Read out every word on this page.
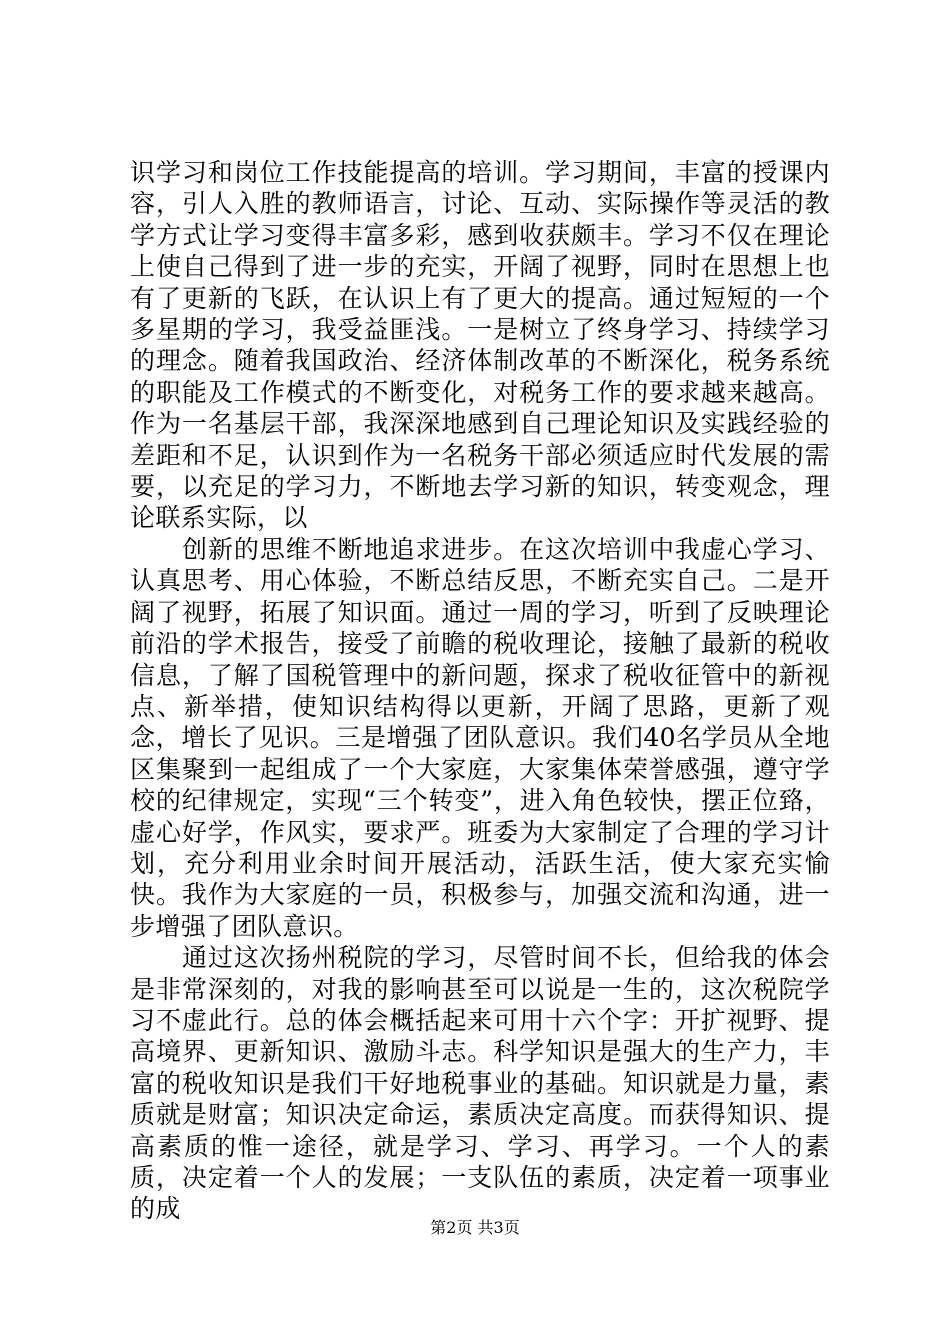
识学习和岗位工作技能提高的培训。学习期间，丰富的授课内容，引人入胜的教师语言，讨论、互动、实际操作等灵活的教学方式让学习变得丰富多彩，感到收获颇丰。学习不仅在理论上使自己得到了进一步的充实，开阔了视野，同时在思想上也有了更新的飞跃，在认识上有了更大的提高。通过短短的一个多星期的学习，我受益匪浅。一是树立了终身学习、持续学习的理念。随着我国政治、经济体制改革的不断深化，税务系统的职能及工作模式的不断变化，对税务工作的要求越来越高。作为一名基层干部，我深深地感到自己理论知识及实践经验的差距和不足，认识到作为一名税务干部必须适应时代发展的需要，以充足的学习力，不断地去学习新的知识，转变观念，理论联系实际，以

创新的思维不断地追求进步。在这次培训中我虚心学习、认真思考、用心体验，不断总结反思，不断充实自己。二是开阔了视野，拓展了知识面。通过一周的学习，听到了反映理论前沿的学术报告，接受了前瞻的税收理论，接触了最新的税收信息，了解了国税管理中的新问题，探求了税收征管中的新视点、新举措，使知识结构得以更新，开阔了思路，更新了观念，增长了见识。三是增强了团队意识。我们40名学员从全地区集聚到一起组成了一个大家庭，大家集体荣誉感强，遵守学校的纪律规定，实现“三个转变”，进入角色较快，摆正位臵，虚心好学，作风实，要求严。班委为大家制定了合理的学习计划，充分利用业余时间开展活动，活跃生活，使大家充实愉快。我作为大家庭的一员，积极参与，加强交流和沟通，进一步增强了团队意识。

通过这次扬州税院的学习，尽管时间不长，但给我的体会是非常深刻的，对我的影响甚至可以说是一生的，这次税院学习不虚此行。总的体会概括起来可用十六个字：开扩视野、提高境界、更新知识、激励斗志。科学知识是强大的生产力，丰富的税收知识是我们干好地税事业的基础。知识就是力量，素质就是财富；知识决定命运，素质决定高度。而获得知识、提高素质的惟一途径，就是学习、学习、再学习。一个人的素质，决定着一个人的发展；一支队伍的素质，决定着一项事业的成

第2页 共3页
